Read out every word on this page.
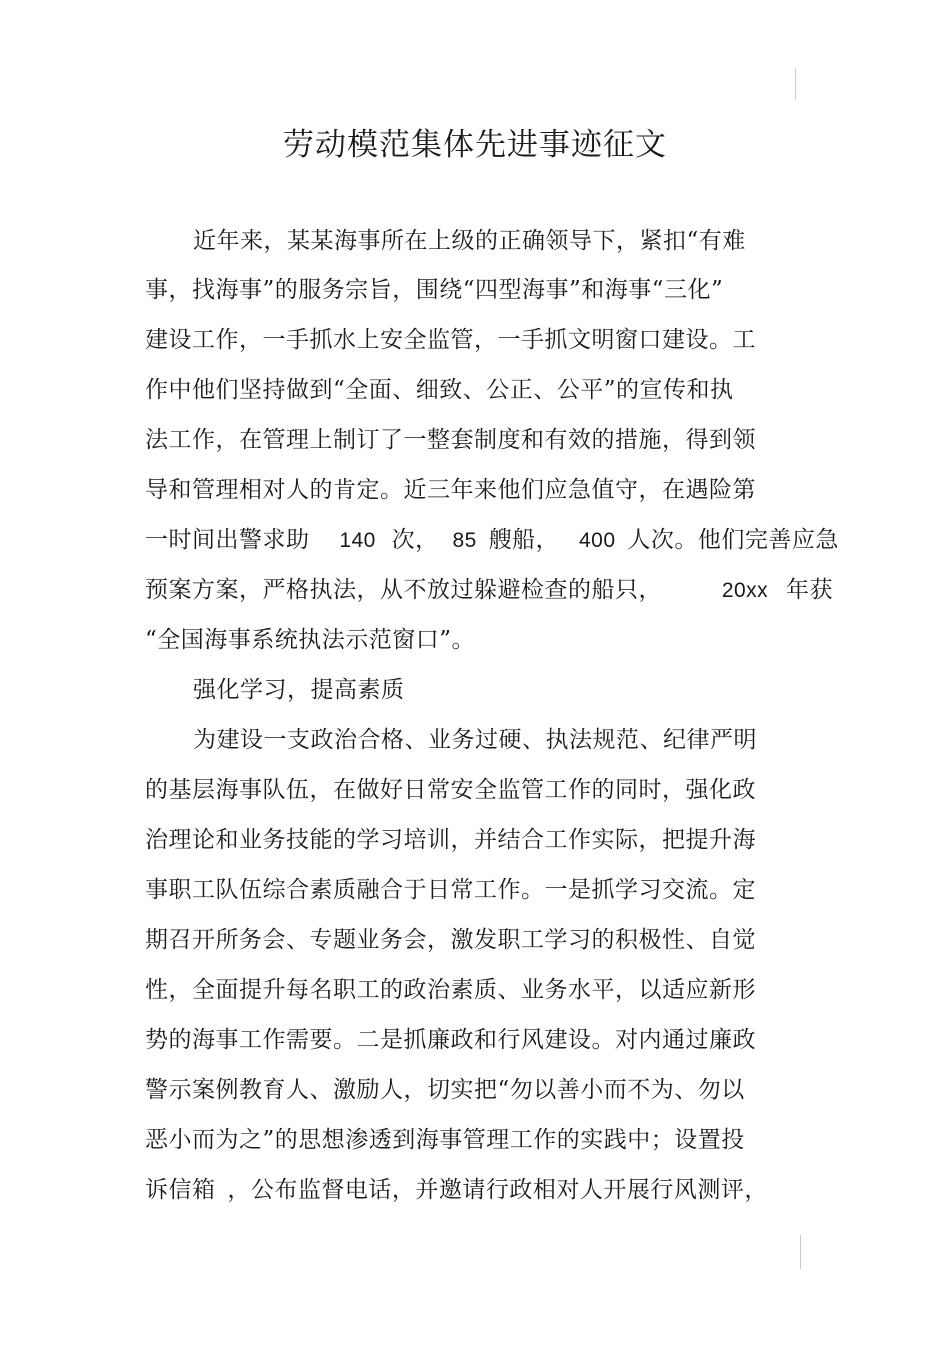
劳动模范集体先进事迹征文

近年来，某某海事所在上级的正确领导下，紧扣“有难

事，找海事”的服务宗旨，围绕“四型海事”和海事“三化”

建设工作，一手抓水上安全监管，一手抓文明窗口建设。工

作中他们坚持做到“全面、细致、公正、公平”的宣传和执

法工作，在管理上制订了一整套制度和有效的措施，得到领

导和管理相对人的肯定。近三年来他们应急值守，在遇险第

一时间出警求助 140 次， 85 艘船， 400 人次。他们完善应急

预案方案，严格执法，从不放过躲避检查的船只，	20xx 年获

“全国海事系统执法示范窗口”。

强化学习，提高素质

为建设一支政治合格、业务过硬、执法规范、纪律严明

的基层海事队伍，在做好日常安全监管工作的同时，强化政

治理论和业务技能的学习培训，并结合工作实际，把提升海

事职工队伍综合素质融合于日常工作。一是抓学习交流。定

期召开所务会、专题业务会，激发职工学习的积极性、自觉

性，全面提升每名职工的政治素质、业务水平，以适应新形

势的海事工作需要。二是抓廉政和行风建设。对内通过廉政

警示案例教育人、激励人，切实把“勿以善小而不为、勿以

恶小而为之”的思想渗透到海事管理工作的实践中；设置投

诉信箱 ，公布监督电话，并邀请行政相对人开展行风测评，
